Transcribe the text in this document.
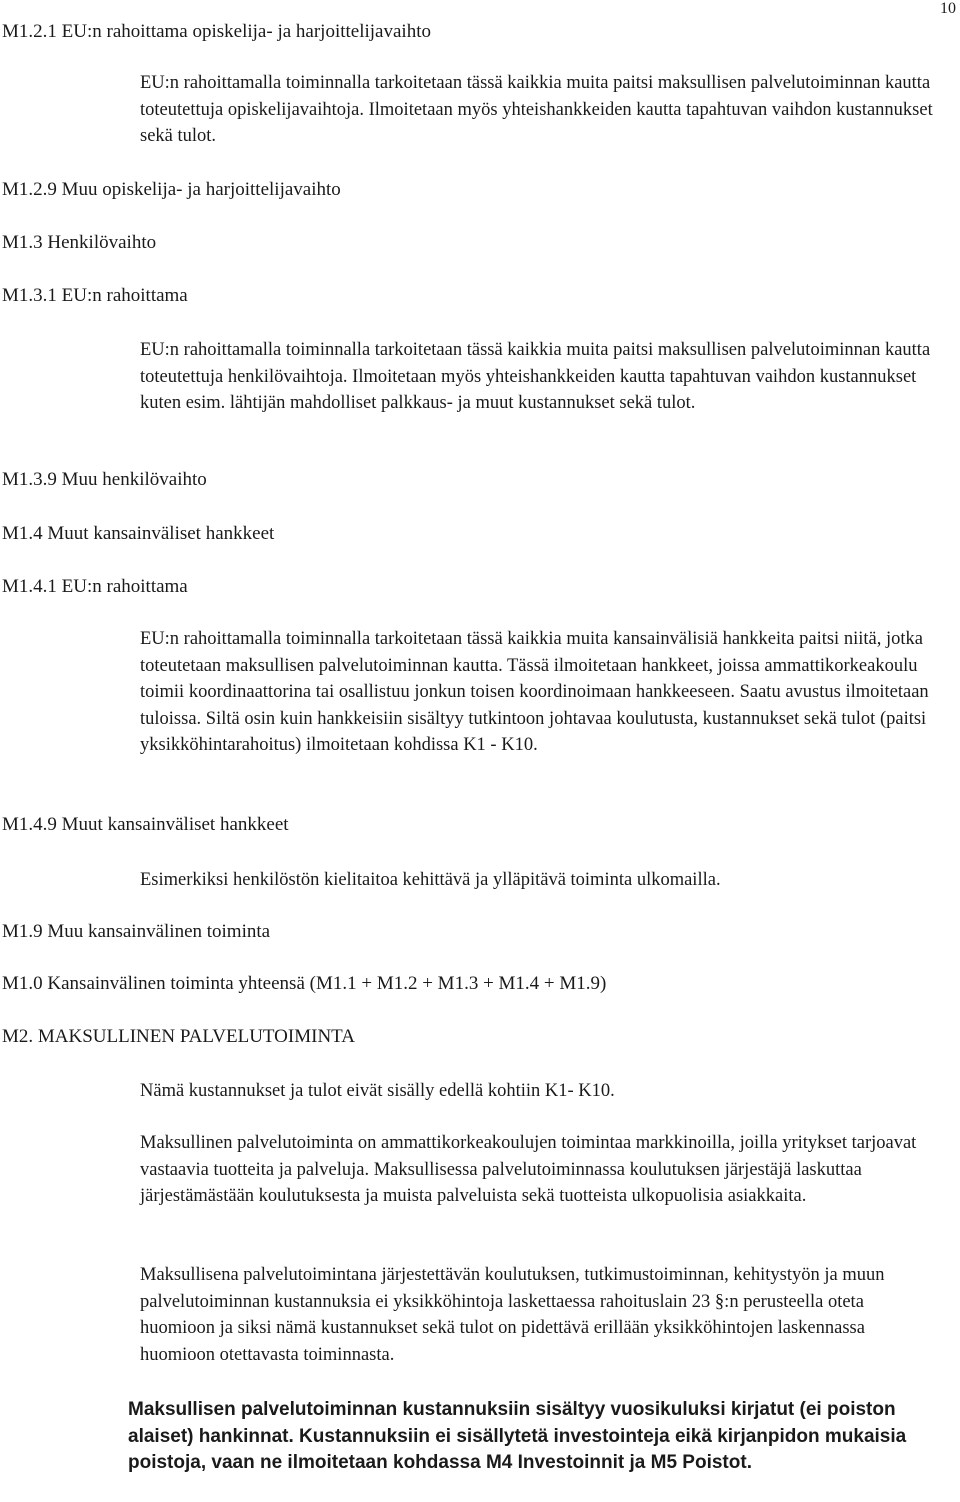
10
M1.2.1 EU:n rahoittama opiskelija- ja harjoittelijavaihto
EU:n rahoittamalla toiminnalla tarkoitetaan tässä kaikkia muita paitsi maksullisen palvelutoiminnan kautta toteutettuja opiskelijavaihtoja. Ilmoitetaan myös yhteishankkeiden kautta tapahtuvan vaihdon kustannukset sekä tulot.
M1.2.9 Muu opiskelija- ja harjoittelijavaihto
M1.3 Henkilövaihto
M1.3.1 EU:n rahoittama
EU:n rahoittamalla toiminnalla tarkoitetaan tässä kaikkia muita paitsi maksullisen palvelutoiminnan kautta toteutettuja henkilövaihtoja. Ilmoitetaan myös yhteishankkeiden kautta tapahtuvan vaihdon kustannukset kuten esim. lähtijän mahdolliset palkkaus- ja muut kustannukset sekä tulot.
M1.3.9 Muu henkilövaihto
M1.4 Muut kansainväliset hankkeet
M1.4.1 EU:n rahoittama
EU:n rahoittamalla toiminnalla tarkoitetaan tässä kaikkia muita kansainvälisiä hankkeita paitsi niitä, jotka toteutetaan maksullisen palvelutoiminnan kautta. Tässä ilmoitetaan hankkeet, joissa ammattikorkeakoulu toimii koordinaattorina tai osallistuu jonkun toisen koordinoimaan hankkeeseen. Saatu avustus ilmoitetaan tuloissa. Siltä osin kuin hankkeisiin sisältyy tutkintoon johtavaa koulutusta, kustannukset sekä tulot (paitsi yksikköhintarahoitus) ilmoitetaan kohdissa K1 - K10.
M1.4.9 Muut kansainväliset hankkeet
Esimerkiksi henkilöstön kielitaitoa kehittävä ja ylläpitävä toiminta ulkomailla.
M1.9 Muu kansainvälinen toiminta
M1.0 Kansainvälinen toiminta yhteensä (M1.1 + M1.2 + M1.3 + M1.4 + M1.9)
M2. MAKSULLINEN PALVELUTOIMINTA
Nämä kustannukset ja tulot eivät sisälly edellä kohtiin K1- K10.
Maksullinen palvelutoiminta on ammattikorkeakoulujen toimintaa markkinoilla, joilla yritykset tarjoavat vastaavia tuotteita ja palveluja. Maksullisessa palvelutoiminnassa koulutuksen järjestäjä laskuttaa järjestämästään koulutuksesta ja muista palveluista sekä tuotteista ulkopuolisia asiakkaita.
Maksullisena palvelutoimintana järjestettävän koulutuksen, tutkimustoiminnan, kehitystyön ja muun palvelutoiminnan kustannuksia ei yksikköhintoja laskettaessa rahoituslain 23 §:n perusteella oteta huomioon ja siksi nämä kustannukset sekä tulot on pidettävä erillään yksikköhintojen laskennassa huomioon otettavasta toiminnasta.
Maksullisen palvelutoiminnan kustannuksiin sisältyy vuosikuluksi kirjatut (ei poiston alaiset) hankinnat. Kustannuksiin ei sisällytetä investointeja eikä kirjanpidon mukaisia poistoja, vaan ne ilmoitetaan kohdassa M4 Investoinnit ja M5 Poistot.
